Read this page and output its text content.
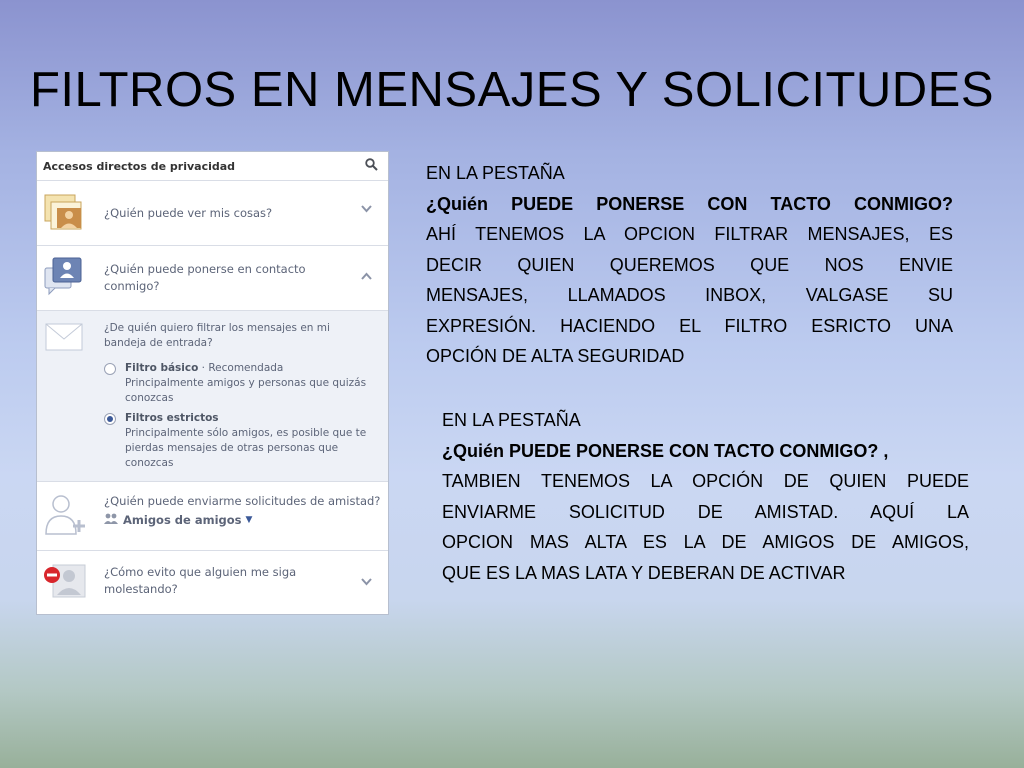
FILTROS EN MENSAJES Y SOLICITUDES
Accesos directos de privacidad
¿Quién puede ver mis cosas?
¿Quién puede ponerse en contacto
conmigo?
¿De quién quiero filtrar los mensajes en mi
bandeja de entrada?
Filtro básico · Recomendada
Principalmente amigos y personas que quizás
conozcas
Filtros estrictos
Principalmente sólo amigos, es posible que te
pierdas mensajes de otras personas que
conozcas
¿Quién puede enviarme solicitudes de amistad?
Amigos de amigos ▼
¿Cómo evito que alguien me siga
molestando?
EN LA PESTAÑA
¿Quién PUEDE PONERSE CON TACTO CONMIGO?
AHÍ TENEMOS LA OPCION FILTRAR MENSAJES, ES
DECIR QUIEN QUEREMOS QUE NOS ENVIE
MENSAJES, LLAMADOS INBOX, VALGASE SU
EXPRESIÓN. HACIENDO EL FILTRO ESRICTO UNA
OPCIÓN DE ALTA SEGURIDAD
EN LA PESTAÑA
¿Quién PUEDE PONERSE CON TACTO CONMIGO? ,
TAMBIEN TENEMOS LA OPCIÓN DE QUIEN PUEDE
ENVIARME SOLICITUD DE AMISTAD. AQUÍ LA
OPCION MAS ALTA ES LA DE AMIGOS DE AMIGOS,
QUE ES LA MAS LATA Y DEBERAN DE ACTIVAR
